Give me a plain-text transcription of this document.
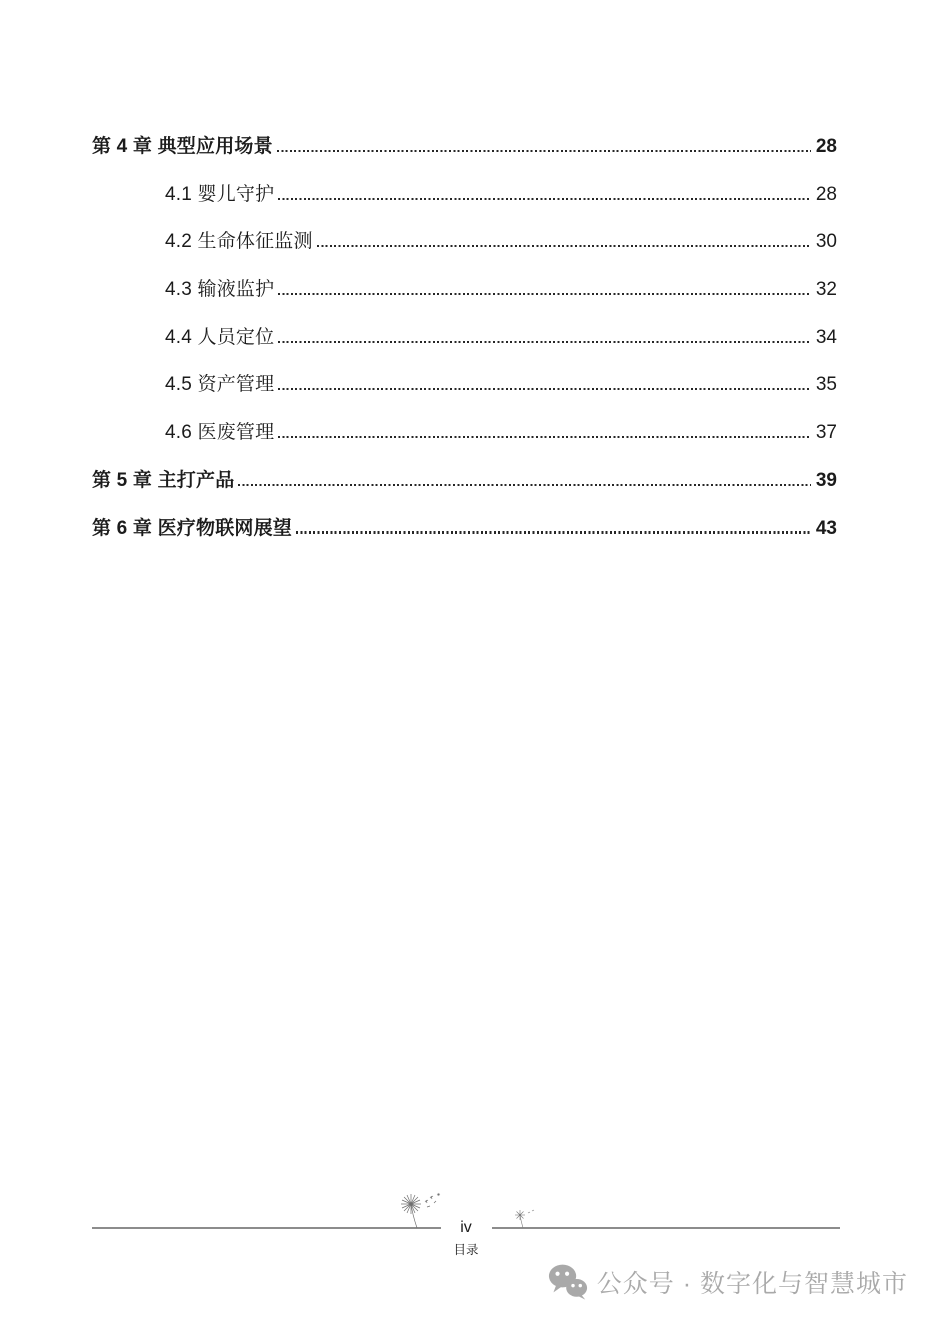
第 4 章 典型应用场景	28
4.1 婴儿守护	28
4.2 生命体征监测	30
4.3 输液监护	32
4.4 人员定位	34
4.5 资产管理	35
4.6 医废管理	37
第 5 章 主打产品	39
第 6 章 医疗物联网展望	43
iv
目录
公众号 · 数字化与智慧城市
